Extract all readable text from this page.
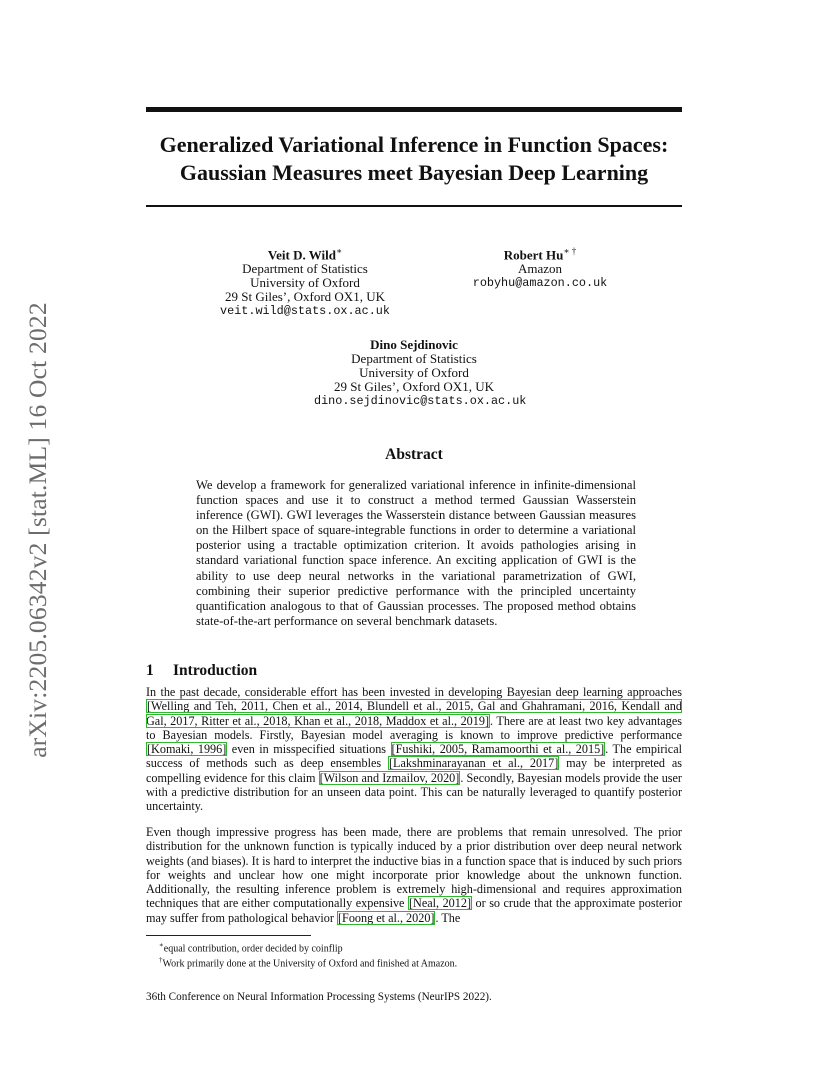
arXiv:2205.06342v2 [stat.ML] 16 Oct 2022
Generalized Variational Inference in Function Spaces:
Gaussian Measures meet Bayesian Deep Learning
Veit D. Wild∗
Department of Statistics
University of Oxford
29 St Giles’, Oxford OX1, UK
veit.wild@stats.ox.ac.uk
Robert Hu∗ †
Amazon
robyhu@amazon.co.uk
Dino Sejdinovic
Department of Statistics
University of Oxford
29 St Giles’, Oxford OX1, UK
dino.sejdinovic@stats.ox.ac.uk
Abstract
We develop a framework for generalized variational inference in infinite-dimensional function spaces and use it to construct a method termed Gaussian Wasserstein inference (GWI). GWI leverages the Wasserstein distance between Gaussian measures on the Hilbert space of square-integrable functions in order to determine a variational posterior using a tractable optimization criterion. It avoids pathologies arising in standard variational function space inference. An exciting application of GWI is the ability to use deep neural networks in the variational parametrization of GWI, combining their superior predictive performance with the principled uncertainty quantification analogous to that of Gaussian processes. The proposed method obtains state-of-the-art performance on several benchmark datasets.
1 Introduction
In the past decade, considerable effort has been invested in developing Bayesian deep learning approaches [Welling and Teh, 2011, Chen et al., 2014, Blundell et al., 2015, Gal and Ghahramani, 2016, Kendall and Gal, 2017, Ritter et al., 2018, Khan et al., 2018, Maddox et al., 2019]. There are at least two key advantages to Bayesian models. Firstly, Bayesian model averaging is known to improve predictive performance [Komaki, 1996] even in misspecified situations [Fushiki, 2005, Ramamoorthi et al., 2015]. The empirical success of methods such as deep ensembles [Lakshminarayanan et al., 2017] may be interpreted as compelling evidence for this claim [Wilson and Izmailov, 2020]. Secondly, Bayesian models provide the user with a predictive distribution for an unseen data point. This can be naturally leveraged to quantify posterior uncertainty.
Even though impressive progress has been made, there are problems that remain unresolved. The prior distribution for the unknown function is typically induced by a prior distribution over deep neural network weights (and biases). It is hard to interpret the inductive bias in a function space that is induced by such priors for weights and unclear how one might incorporate prior knowledge about the unknown function. Additionally, the resulting inference problem is extremely high-dimensional and requires approximation techniques that are either computationally expensive [Neal, 2012] or so crude that the approximate posterior may suffer from pathological behavior [Foong et al., 2020]. The
∗equal contribution, order decided by coinflip
†Work primarily done at the University of Oxford and finished at Amazon.
36th Conference on Neural Information Processing Systems (NeurIPS 2022).
